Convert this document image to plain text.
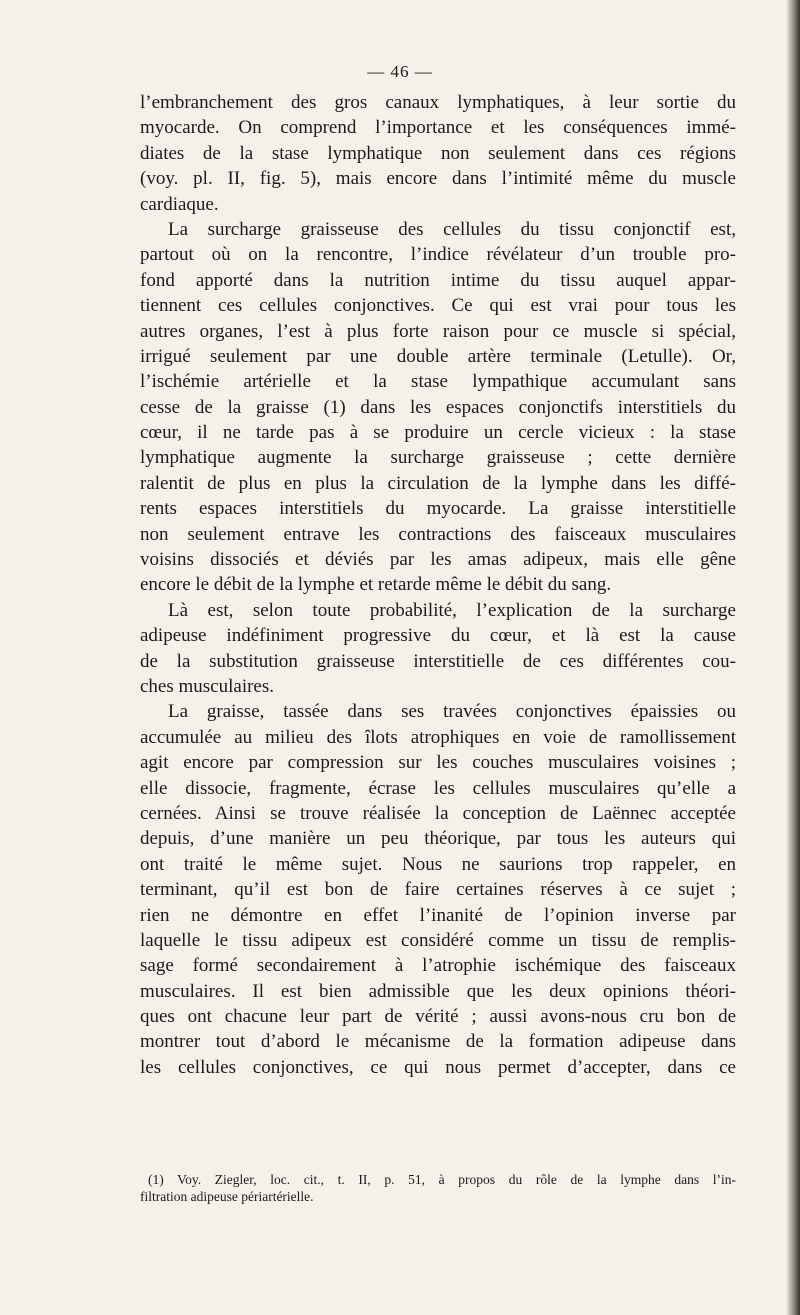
— 46 —
l’embranchement des gros canaux lymphatiques, à leur sortie du
myocarde. On comprend l’importance et les conséquences immé-
diates de la stase lymphatique non seulement dans ces régions
(voy. pl. II, fig. 5), mais encore dans l’intimité même du muscle
cardiaque.
La surcharge graisseuse des cellules du tissu conjonctif est,
partout où on la rencontre, l’indice révélateur d’un trouble pro-
fond apporté dans la nutrition intime du tissu auquel appar-
tiennent ces cellules conjonctives. Ce qui est vrai pour tous les
autres organes, l’est à plus forte raison pour ce muscle si spécial,
irrigué seulement par une double artère terminale (Letulle). Or,
l’ischémie artérielle et la stase lympathique accumulant sans
cesse de la graisse (1) dans les espaces conjonctifs interstitiels du
cœur, il ne tarde pas à se produire un cercle vicieux : la stase
lymphatique augmente la surcharge graisseuse ; cette dernière
ralentit de plus en plus la circulation de la lymphe dans les diffé-
rents espaces interstitiels du myocarde. La graisse interstitielle
non seulement entrave les contractions des faisceaux musculaires
voisins dissociés et déviés par les amas adipeux, mais elle gêne
encore le débit de la lymphe et retarde même le débit du sang.
Là est, selon toute probabilité, l’explication de la surcharge
adipeuse indéfiniment progressive du cœur, et là est la cause
de la substitution graisseuse interstitielle de ces différentes cou-
ches musculaires.
La graisse, tassée dans ses travées conjonctives épaissies ou
accumulée au milieu des îlots atrophiques en voie de ramollissement
agit encore par compression sur les couches musculaires voisines ;
elle dissocie, fragmente, écrase les cellules musculaires qu’elle a
cernées. Ainsi se trouve réalisée la conception de Laënnec acceptée
depuis, d’une manière un peu théorique, par tous les auteurs qui
ont traité le même sujet. Nous ne saurions trop rappeler, en
terminant, qu’il est bon de faire certaines réserves à ce sujet ;
rien ne démontre en effet l’inanité de l’opinion inverse par
laquelle le tissu adipeux est considéré comme un tissu de remplis-
sage formé secondairement à l’atrophie ischémique des faisceaux
musculaires. Il est bien admissible que les deux opinions théori-
ques ont chacune leur part de vérité ; aussi avons-nous cru bon de
montrer tout d’abord le mécanisme de la formation adipeuse dans
les cellules conjonctives, ce qui nous permet d’accepter, dans ce
(1) Voy. Ziegler, loc. cit., t. II, p. 51, à propos du rôle de la lymphe dans l’in-
filtration adipeuse périartérielle.
